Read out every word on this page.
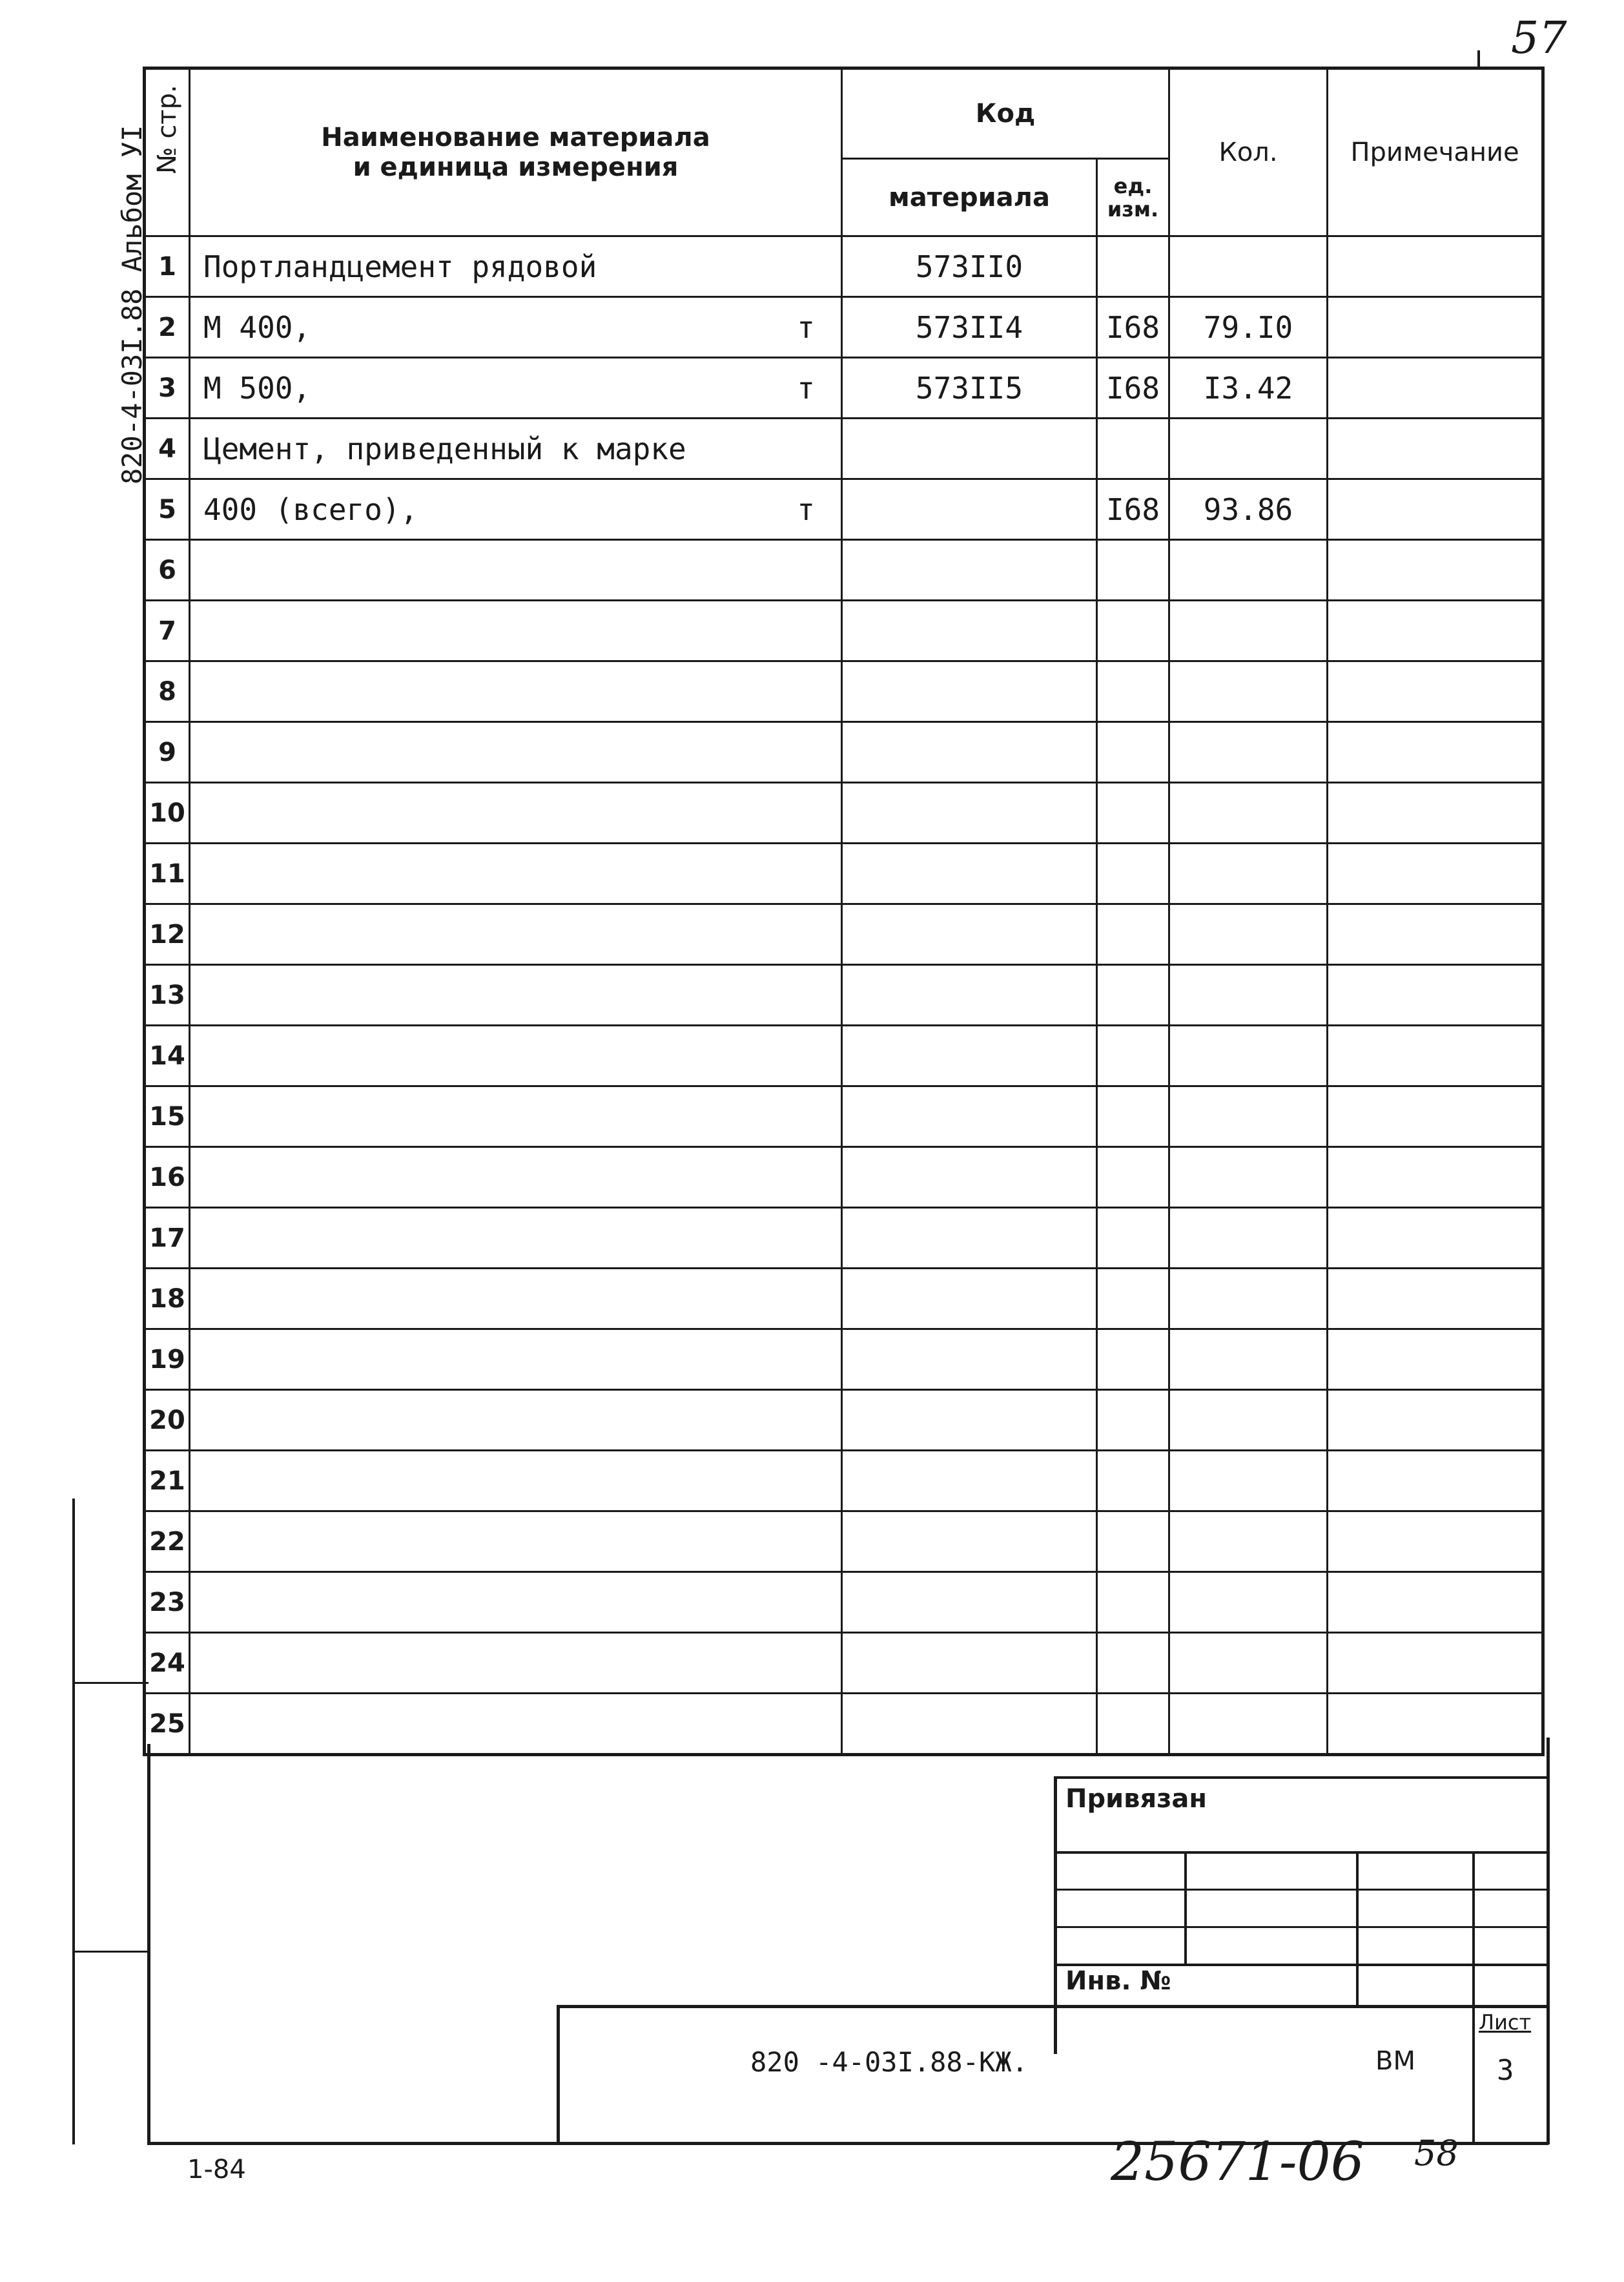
57
820-4-03I.88 Альбом УI № стр.	Наименование материала
и единица измерения	Код		Кол.	Примечание
		материала	ед. изм.		
1	Портландцемент рядовой	573II0			
2	М 400, т	573II4	I68	79.I0	
3	М 500, т	573II5	I68	I3.42	
4	Цемент, приведенный к марке				

5	400 (всего), т		I68	93.86	
6	

7	

8	

9	

10	

11	

12	

13	

14	

15	

16	

17	

18	

19	

20	

21	

22	

23	

24	

25	

Привязан
Инв. №
820 -4-03I.88-КЖ.	ВМ
Лист
3
1-84	25671-06 58
